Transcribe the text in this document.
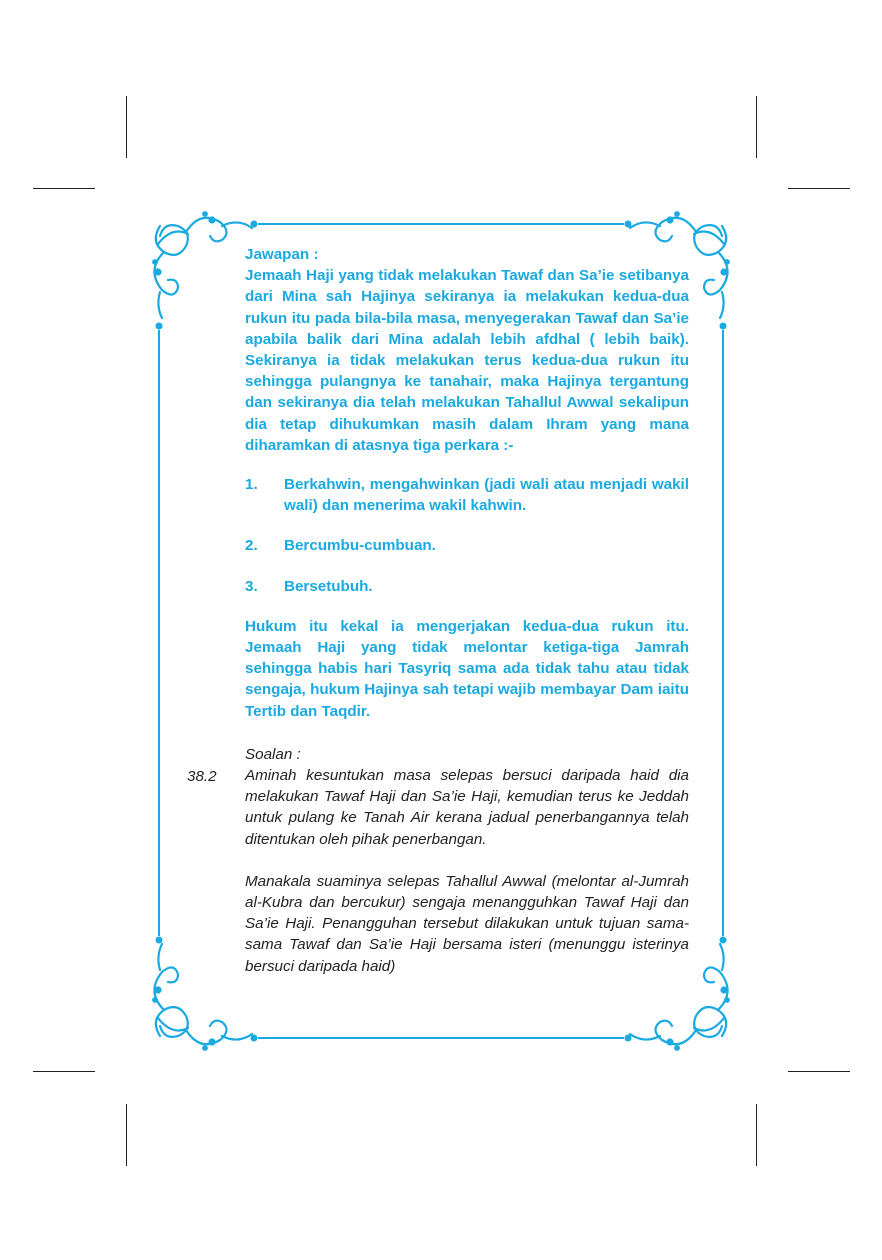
Jawapan :

Jemaah Haji yang tidak melakukan Tawaf dan Sa’ie setibanya dari Mina sah Hajinya sekiranya ia melakukan kedua-dua rukun itu pada bila-bila masa, menyegerakan Tawaf dan Sa’ie apabila balik dari Mina adalah lebih afdhal ( lebih baik). Sekiranya ia tidak melakukan terus kedua-dua rukun itu sehingga pulangnya ke tanahair, maka Hajinya tergantung dan sekiranya dia telah melakukan Tahallul Awwal sekalipun dia tetap dihukumkan masih dalam Ihram yang mana diharamkan di atasnya tiga perkara :-

1. Berkahwin, mengahwinkan (jadi wali atau menjadi wakil wali) dan menerima wakil kahwin.
2. Bercumbu-cumbuan.
3. Bersetubuh.

Hukum itu kekal ia mengerjakan kedua-dua rukun itu. Jemaah Haji yang tidak melontar ketiga-tiga Jamrah sehingga habis hari Tasyriq sama ada tidak tahu atau tidak sengaja, hukum Hajinya sah tetapi wajib membayar Dam iaitu Tertib dan Taqdir.

Soalan :

Aminah kesuntukan masa selepas bersuci daripada haid dia melakukan Tawaf Haji dan Sa’ie Haji, kemudian terus ke Jeddah untuk pulang ke Tanah Air kerana jadual penerbangannya telah ditentukan oleh pihak penerbangan.

Manakala suaminya selepas Tahallul Awwal (melontar al-Jumrah al-Kubra dan bercukur) sengaja menangguhkan Tawaf Haji dan Sa’ie Haji. Penangguhan tersebut dilakukan untuk tujuan sama-sama Tawaf dan Sa’ie Haji bersama isteri (menunggu isterinya bersuci daripada haid)

38.2
